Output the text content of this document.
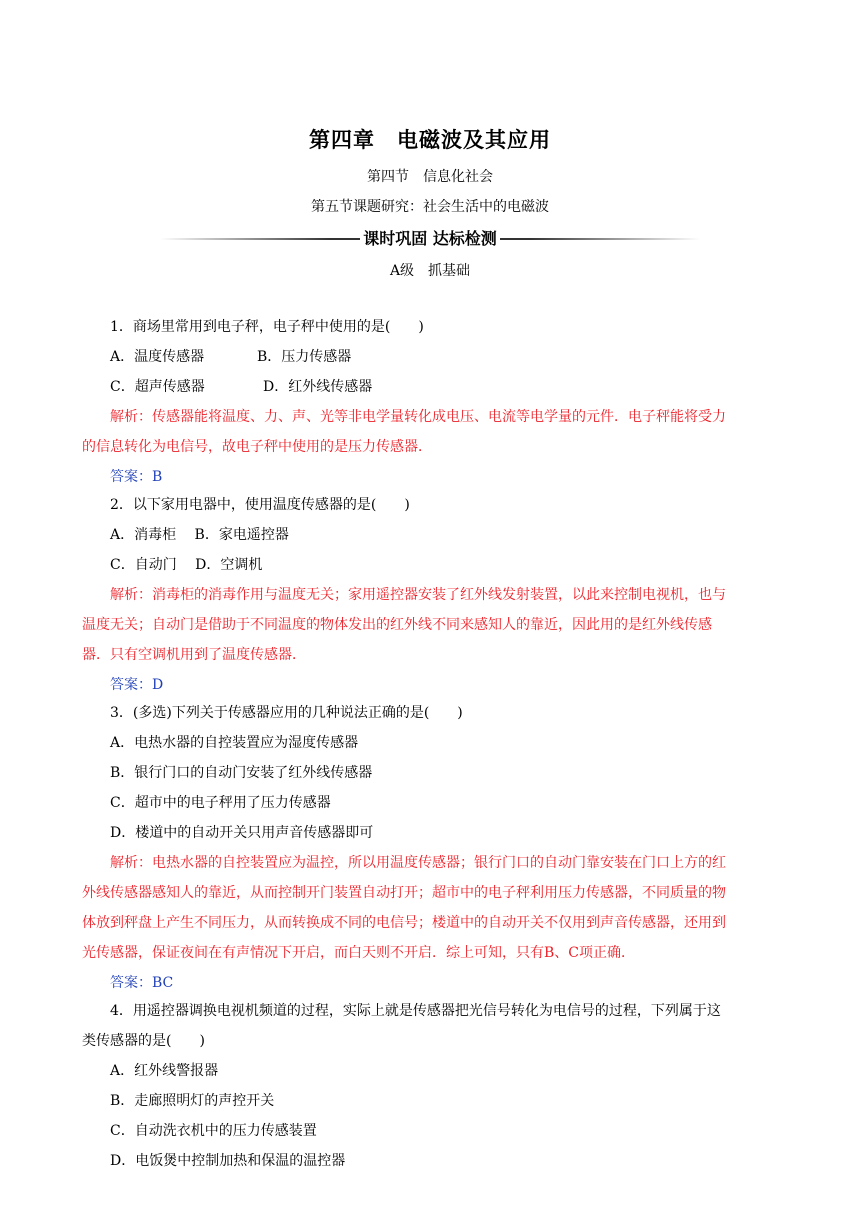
第四章　电磁波及其应用
第四节　信息化社会
第五节课题研究：社会生活中的电磁波
课时巩固 达标检测
A级　抓基础
1．商场里常用到电子秤，电子秤中使用的是(　　)
A．温度传感器	B．压力传感器
C．超声传感器	D．红外线传感器
解析：传感器能将温度、力、声、光等非电学量转化成电压、电流等电学量的元件．电子秤能将受力
的信息转化为电信号，故电子秤中使用的是压力传感器．
答案：B
2．以下家用电器中，使用温度传感器的是(　　)
A．消毒柜　 B．家电遥控器
C．自动门　 D．空调机
解析：消毒柜的消毒作用与温度无关；家用遥控器安装了红外线发射装置，以此来控制电视机，也与
温度无关；自动门是借助于不同温度的物体发出的红外线不同来感知人的靠近，因此用的是红外线传感
器．只有空调机用到了温度传感器．
答案：D
3．(多选)下列关于传感器应用的几种说法正确的是(　　)
A．电热水器的自控装置应为湿度传感器
B．银行门口的自动门安装了红外线传感器
C．超市中的电子秤用了压力传感器
D．楼道中的自动开关只用声音传感器即可
解析：电热水器的自控装置应为温控，所以用温度传感器；银行门口的自动门靠安装在门口上方的红
外线传感器感知人的靠近，从而控制开门装置自动打开；超市中的电子秤利用压力传感器，不同质量的物
体放到秤盘上产生不同压力，从而转换成不同的电信号；楼道中的自动开关不仅用到声音传感器，还用到
光传感器，保证夜间在有声情况下开启，而白天则不开启．综上可知，只有B、C项正确．
答案：BC
4．用遥控器调换电视机频道的过程，实际上就是传感器把光信号转化为电信号的过程，下列属于这
类传感器的是(　　)
A．红外线警报器
B．走廊照明灯的声控开关
C．自动洗衣机中的压力传感装置
D．电饭煲中控制加热和保温的温控器
